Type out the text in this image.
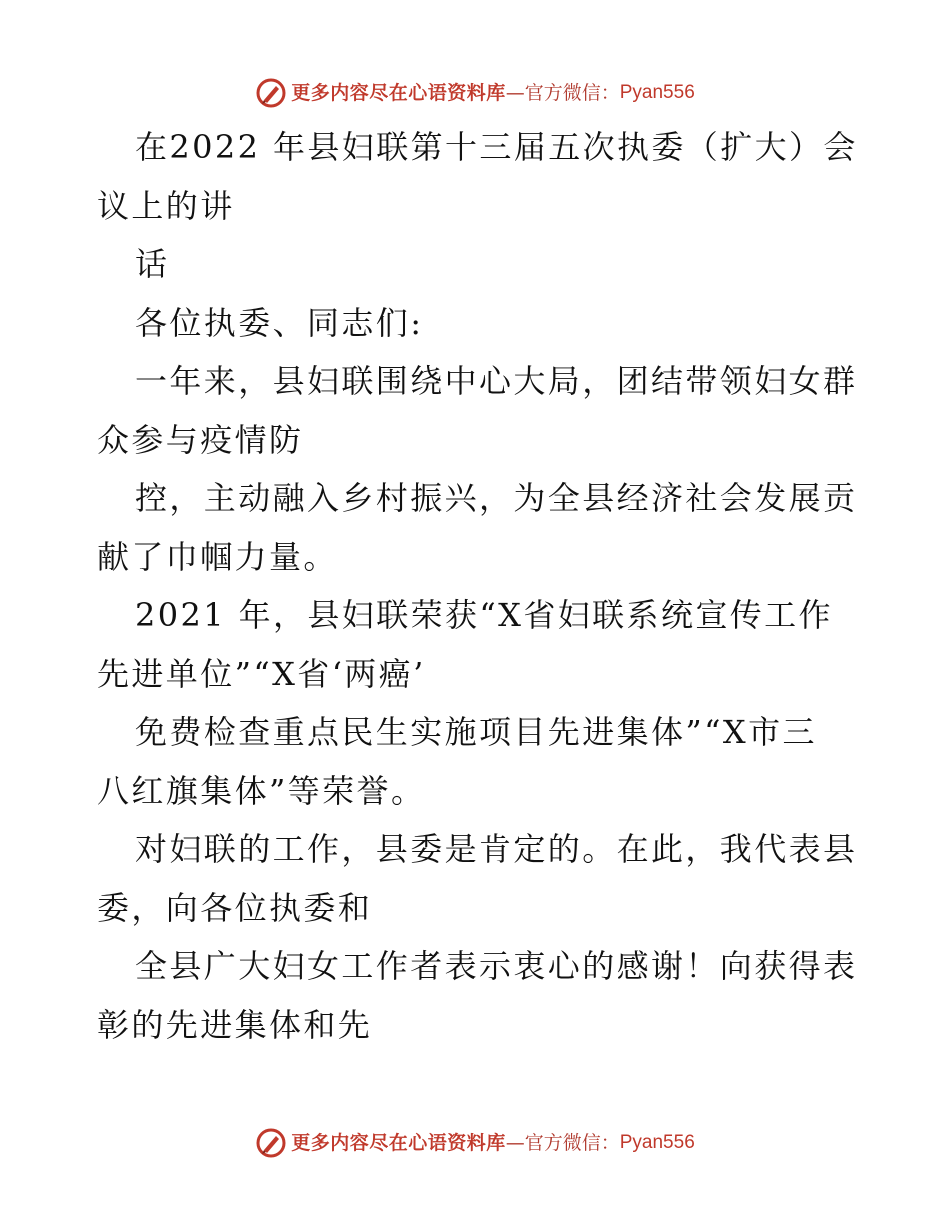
更多内容尽在心语资料库 — 官方微信： Pyan556

在2022 年县妇联第十三届五次执委（扩大）会

议上的讲

话

各位执委、同志们:

一年来，县妇联围绕中心大局，团结带领妇女群

众参与疫情防

控，主动融入乡村振兴，为全县经济社会发展贡

献了巾帼力量。

2021 年，县妇联荣获“X省妇联系统宣传工作

先进单位”“X省‘两癌’

免费检查重点民生实施项目先进集体”“X市三

八红旗集体”等荣誉。

对妇联的工作，县委是肯定的。在此，我代表县

委，向各位执委和

全县广大妇女工作者表示衷心的感谢！向获得表

彰的先进集体和先

更多内容尽在心语资料库 — 官方微信： Pyan556
